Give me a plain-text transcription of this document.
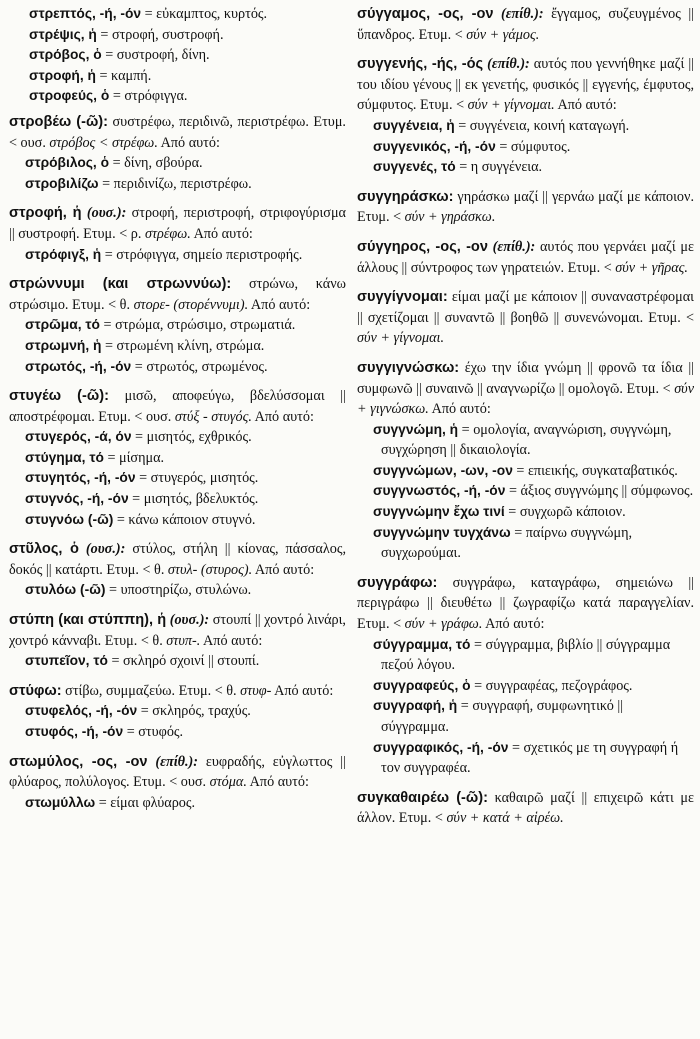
στρεπτός, -ή, -όν = εὐκαμπτος, κυρτός.
στρέψις, ἡ = στροφή, συστροφή.
στρόβος, ὁ = συστροφή, δίνη.
στροφή, ἡ = καμπή.
στροφεύς, ὁ = στρόφιγγα.
στροβέω (-ῶ): συστρέφω, περιδινῶ, περιστρέφω. Ετυμ. < ουσ. στρόβος < στρέφω. Από αυτό:
στρόβιλος, ὁ = δίνη, σβούρα.
στροβιλίζω = περιδινίζω, περιστρέφω.
στροφή, ἡ (ουσ.): στροφή, περιστροφή, στριφογύρισμα || συστροφή. Ετυμ. < ρ. στρέφω. Από αυτό:
στρόφιγξ, ἡ = στρόφιγγα, σημείο περιστροφής.
στρώννυμι (και στρωννύω): στρώνω, κάνω στρώσιμο. Ετυμ. < θ. στορε- (στορέννυμι). Από αυτό:
στρῶμα, τό = στρώμα, στρώσιμο, στρωματιά.
στρωμνή, ἡ = στρωμένη κλίνη, στρώμα.
στρωτός, -ή, -όν = στρωτός, στρωμένος.
στυγέω (-ῶ): μισῶ, αποφεύγω, βδελύσσομαι || αποστρέφομαι. Ετυμ. < ουσ. στύξ - στυγός. Από αυτό:
στυγερός, -ά, όν = μισητός, εχθρικός.
στύγημα, τό = μίσημα.
στυγητός, -ή, -όν = στυγερός, μισητός.
στυγνός, -ή, -όν = μισητός, βδελυκτός.
στυγνόω (-ῶ) = κάνω κάποιον στυγνό.
στῦλος, ὁ (ουσ.): στύλος, στήλη || κίονας, πάσσαλος, δοκός || κατάρτι. Ετυμ. < θ. στυλ- (στυρος). Από αυτό:
στυλόω (-ῶ) = υποστηρίζω, στυλώνω.
στύπη (και στύππη), ἡ (ουσ.): στουπί || χοντρό λινάρι, χοντρό κάνναβι. Ετυμ. < θ. στυπ-. Από αυτό:
στυπεῖον, τό = σκληρό σχοινί || στουπί.
στύφω: στίβω, συμμαζεύω. Ετυμ. < θ. στυφ- Από αυτό:
στυφελός, -ή, -όν = σκληρός, τραχύς.
στυφός, -ή, -όν = στυφός.
στωμύλος, -ος, -ον (επίθ.): ευφραδής, εὐγλωττος || φλύαρος, πολύλογος. Ετυμ. < ουσ. στόμα. Από αυτό:
στωμύλλω = είμαι φλύαρος.
σύγγαμος, -ος, -ον (επίθ.): ἔγγαμος, συζευγμένος || ὕπανδρος. Ετυμ. < σύν + γάμος.
συγγενής, -ής, -ός (επίθ.): αυτός που γεννήθηκε μαζί || του ιδίου γένους || εκ γενετής, φυσικός || εγγενής, έμφυτος, σύμφυτος. Ετυμ. < σύν + γίγνομαι. Από αυτό:
συγγένεια, ἡ = συγγένεια, κοινή καταγωγή.
συγγενικός, -ή, -όν = σύμφυτος.
συγγενές, τό = η συγγένεια.
συγγηράσκω: γηράσκω μαζί || γερνάω μαζί με κάποιον. Ετυμ. < σύν + γηράσκω.
σύγγηρος, -ος, -ον (επίθ.): αυτός που γερνάει μαζί με άλλους || σύντροφος των γηρατειών. Ετυμ. < σύν + γῆρας.
συγγίγνομαι: είμαι μαζί με κάποιον || συναναστρέφομαι || σχετίζομαι || συναντῶ || βοηθῶ || συνενώνομαι. Ετυμ. < σύν + γίγνομαι.
συγγιγνώσκω: έχω την ίδια γνώμη || φρονῶ τα ίδια || συμφωνῶ || συναινῶ || αναγνωρίζω || ομολογῶ. Ετυμ. < σύν + γιγνώσκω. Από αυτό:
συγγνώμη, ἡ = ομολογία, αναγνώριση, συγγνώμη, συγχώρηση || δικαιολογία.
συγγνώμων, -ων, -ον = επιεικής, συγκαταβατικός.
συγγνωστός, -ή, -όν = άξιος συγγνώμης || σύμφωνος.
συγγνώμην ἔχω τινί = συγχωρῶ κάποιον.
συγγνώμην τυγχάνω = παίρνω συγγνώμη, συγχωρούμαι.
συγγράφω: συγγράφω, καταγράφω, σημειώνω || περιγράφω || διευθέτω || ζωγραφίζω κατά παραγγελίαν. Ετυμ. < σύν + γράφω. Από αυτό:
σύγγραμμα, τό = σύγγραμμα, βιβλίο || σύγγραμμα πεζού λόγου.
συγγραφεύς, ὁ = συγγραφέας, πεζογράφος.
συγγραφή, ἡ = συγγραφή, συμφωνητικό || σύγγραμμα.
συγγραφικός, -ή, -όν = σχετικός με τη συγγραφή ή τον συγγραφέα.
συγκαθαιρέω (-ῶ): καθαιρῶ μαζί || επιχειρῶ κάτι με άλλον. Ετυμ. < σύν + κατά + αἱρέω.
